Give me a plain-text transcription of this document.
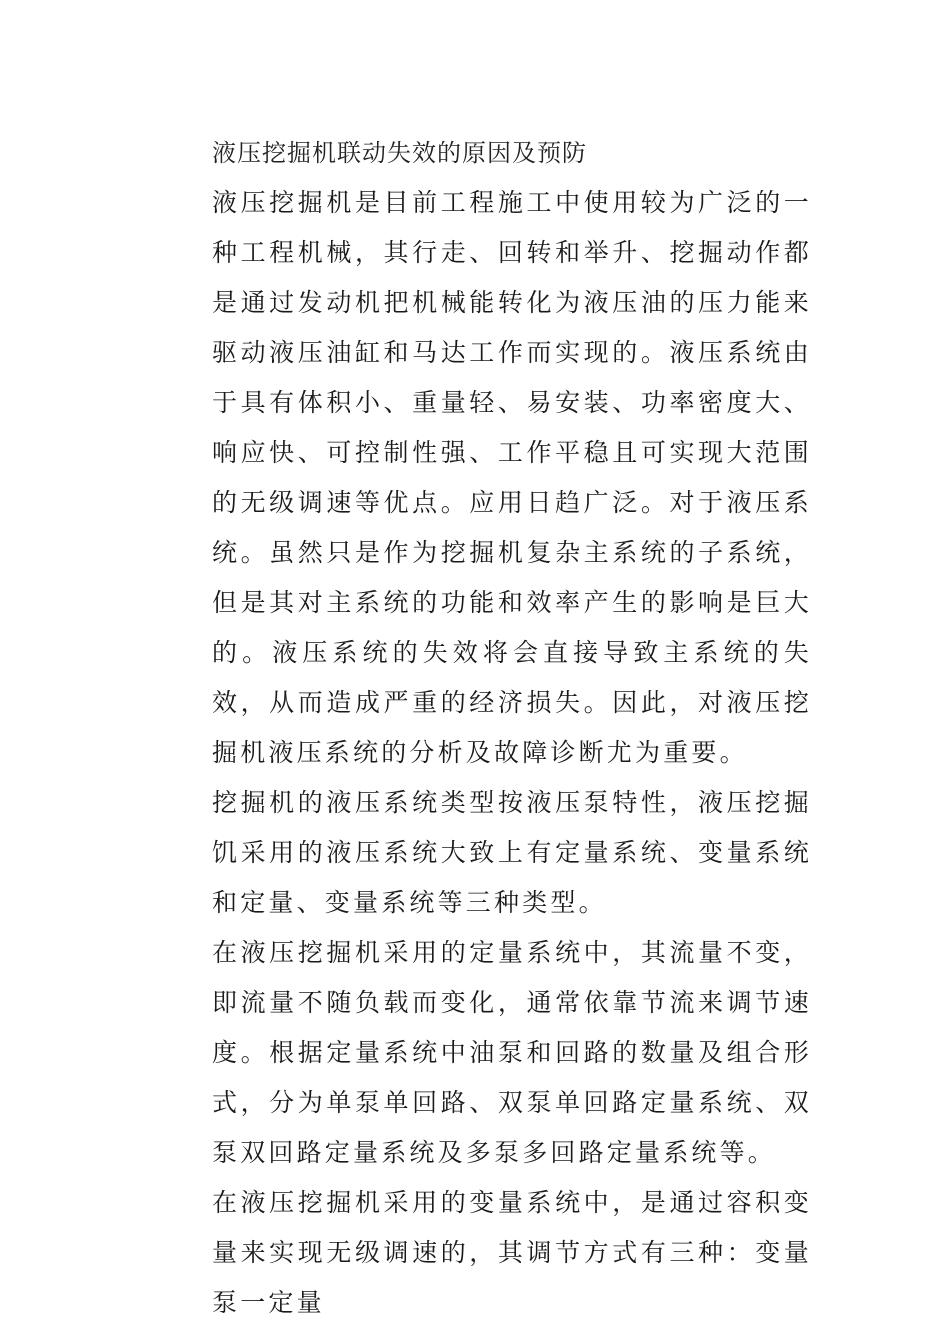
液压挖掘机联动失效的原因及预防

液压挖掘机是目前工程施工中使用较为广泛的一种工程机械，其行走、回转和举升、挖掘动作都是通过发动机把机械能转化为液压油的压力能来驱动液压油缸和马达工作而实现的。液压系统由于具有体积小、重量轻、易安装、功率密度大、响应快、可控制性强、工作平稳且可实现大范围的无级调速等优点。应用日趋广泛。对于液压系统。虽然只是作为挖掘机复杂主系统的子系统，但是其对主系统的功能和效率产生的影响是巨大的。液压系统的失效将会直接导致主系统的失效，从而造成严重的经济损失。因此，对液压挖掘机液压系统的分析及故障诊断尤为重要。

挖掘机的液压系统类型按液压泵特性，液压挖掘饥采用的液压系统大致上有定量系统、变量系统和定量、变量系统等三种类型。

在液压挖掘机采用的定量系统中，其流量不变，即流量不随负载而变化，通常依靠节流来调节速度。根据定量系统中油泵和回路的数量及组合形式，分为单泵单回路、双泵单回路定量系统、双泵双回路定量系统及多泵多回路定量系统等。

在液压挖掘机采用的变量系统中，是通过容积变量来实现无级调速的，其调节方式有三种：变量泵一定量
